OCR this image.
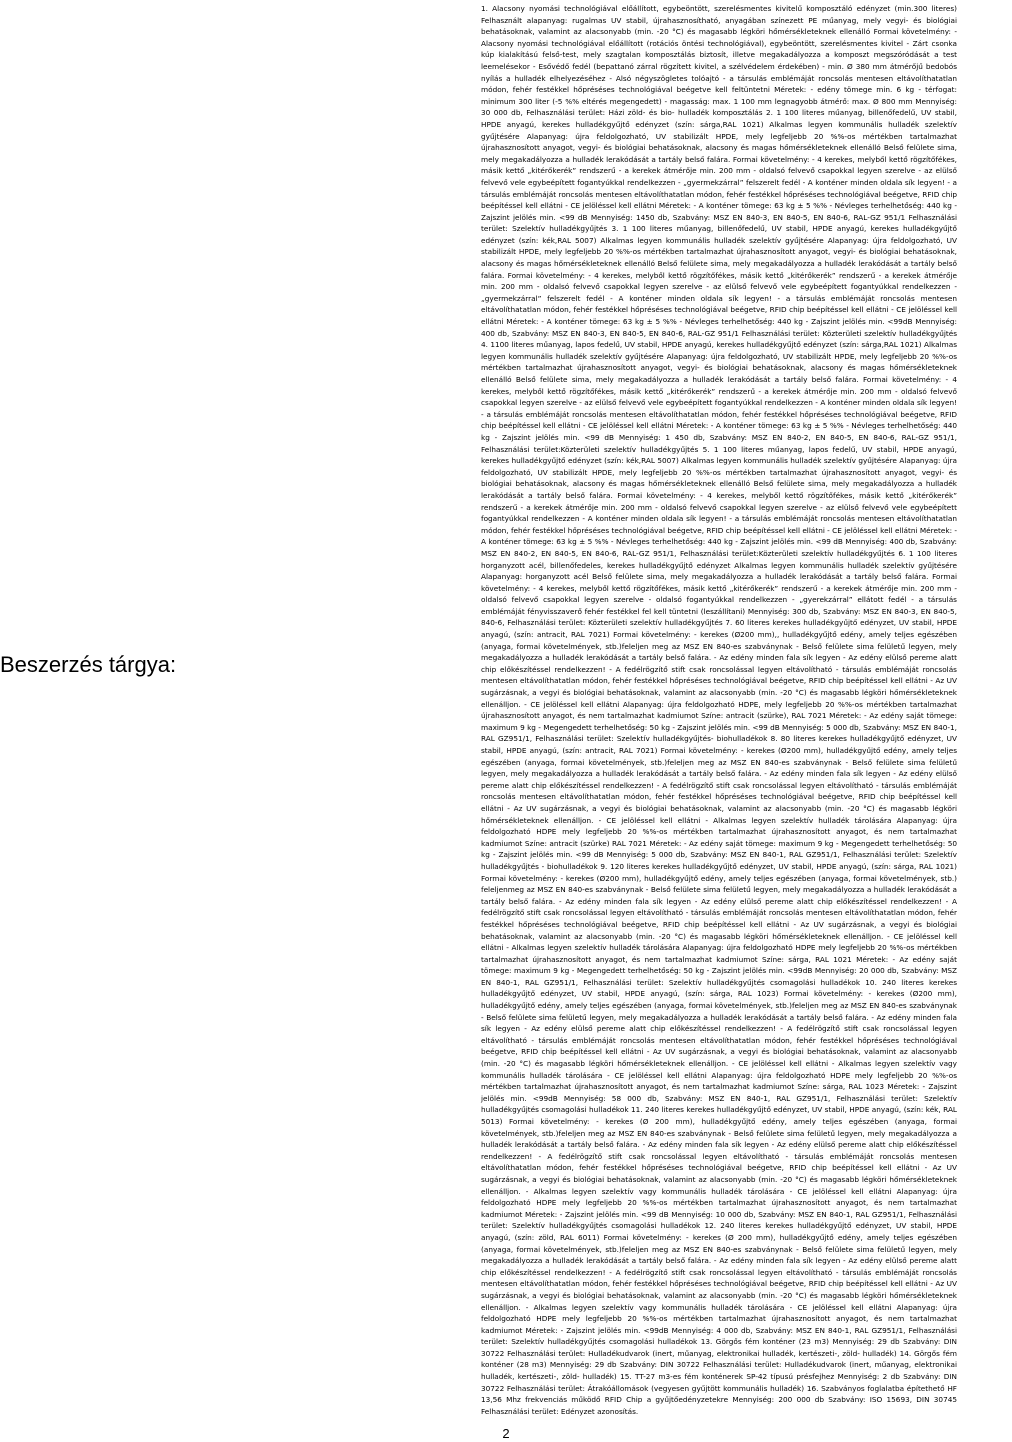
Beszerzés tárgya:

1. Alacsony nyomási technológiával előállított, egybeöntött, szerelésmentes kivitelű komposztáló edényzet (min.300 literes) Felhasznált alapanyag: rugalmas UV stabil, újrahasznosítható, anyagában színezett PE műanyag, mely vegyi- és biológiai behatásoknak, valamint az alacsonyabb (min. -20 °C) és magasabb légköri hőmérsékleteknek ellenálló Formai követelmény: - Alacsony nyomási technológiával előállított (rotációs öntési technológiával), egybeöntött, szerelésmentes kivitel - Zárt csonka kúp kialakítású felső-test, mely szagtalan komposztálás biztosít, illetve megakadályozza a komposzt megszóródását a test leemelésekor - Esővédő fedél (bepattanó zárral rögzített kivitel, a szélvédelem érdekében) - min. Ø 380 mm átmérőjű bedobós nyílás a hulladék elhelyezéséhez - Alsó négyszögletes tolóajtó - a társulás emblémáját roncsolás mentesen eltávolíthatatlan módon, fehér festékkel hőpréséses technológiával beégetve kell feltüntetni Méretek: - edény tömege min. 6 kg - térfogat: minimum 300 liter (-5 %% eltérés megengedett) - magasság: max. 1 100 mm legnagyobb átmérő: max. Ø 800 mm Mennyiség: 30 000 db, Felhasználási terület: Házi zöld- és bio- hulladék komposztálás 2. 1 100 literes műanyag, billenőfedelű, UV stabil, HPDE anyagú, kerekes hulladékgyűjtő edényzet (szín: sárga,RAL 1021) Alkalmas legyen kommunális hulladék szelektív gyűjtésére Alapanyag: újra feldolgozható, UV stabilizált HPDE, mely legfeljebb 20 %%-os mértékben tartalmazhat újrahasznosított anyagot, vegyi- és biológiai behatásoknak, alacsony és magas hőmérsékleteknek ellenálló Belső felülete sima, mely megakadályozza a hulladék lerakódását a tartály belső falára. Formai követelmény: - 4 kerekes, melyből kettő rögzítőfékes, másik kettő „kitérőkerék” rendszerű - a kerekek átmérője min. 200 mm - oldalsó felvevő csapokkal legyen szerelve - az elülső felvevő vele egybeépített fogantyúkkal rendelkezzen - „gyermekzárral” felszerelt fedél - A konténer minden oldala sík legyen! - a társulás emblémáját roncsolás mentesen eltávolíthatatlan módon, fehér festékkel hőpréséses technológiával beégetve, RFID chip beépítéssel kell ellátni - CE jelöléssel kell ellátni Méretek: - A konténer tömege: 63 kg ± 5 %% - Névleges terhelhetőség: 440 kg - Zajszint jelölés min. <99 dB Mennyiség: 1450 db, Szabvány: MSZ EN 840-3, EN 840-5, EN 840-6, RAL-GZ 951/1 Felhasználási terület: Szelektív hulladékgyűjtés 3. 1 100 literes műanyag, billenőfedelű, UV stabil, HPDE anyagú, kerekes hulladékgyűjtő edényzet (szín: kék,RAL 5007) Alkalmas legyen kommunális hulladék szelektív gyűjtésére Alapanyag: újra feldolgozható, UV stabilizált HPDE, mely legfeljebb 20 %%-os mértékben tartalmazhat újrahasznosított anyagot, vegyi- és biológiai behatásoknak, alacsony és magas hőmérsékleteknek ellenálló Belső felülete sima, mely megakadályozza a hulladék lerakódását a tartály belső falára. Formai követelmény: - 4 kerekes, melyből kettő rögzítőfékes, másik kettő „kitérőkerék” rendszerű - a kerekek átmérője min. 200 mm - oldalsó felvevő csapokkal legyen szerelve - az elülső felvevő vele egybeépített fogantyúkkal rendelkezzen - „gyermekzárral” felszerelt fedél - A konténer minden oldala sík legyen! - a társulás emblémáját roncsolás mentesen eltávolíthatatlan módon, fehér festékkel hőpréséses technológiával beégetve, RFID chip beépítéssel kell ellátni - CE jelöléssel kell ellátni Méretek: - A konténer tömege: 63 kg ± 5 %% - Névleges terhelhetőség: 440 kg - Zajszint jelölés min. <99dB Mennyiség: 400 db, Szabvány: MSZ EN 840-3, EN 840-5, EN 840-6, RAL-GZ 951/1 Felhasználási terület: Közterületi szelektív hulladékgyűjtés 4. 1100 literes műanyag, lapos fedelű, UV stabil, HPDE anyagú, kerekes hulladékgyűjtő edényzet (szín: sárga,RAL 1021) Alkalmas legyen kommunális hulladék szelektív gyűjtésére Alapanyag: újra feldolgozható, UV stabilizált HPDE, mely legfeljebb 20 %%-os mértékben tartalmazhat újrahasznosított anyagot, vegyi- és biológiai behatásoknak, alacsony és magas hőmérsékleteknek ellenálló Belső felülete sima, mely megakadályozza a hulladék lerakódását a tartály belső falára. Formai követelmény: - 4 kerekes, melyből kettő rögzítőfékes, másik kettő „kitérőkerék” rendszerű - a kerekek átmérője min. 200 mm - oldalsó felvevő csapokkal legyen szerelve - az elülső felvevő vele egybeépített fogantyúkkal rendelkezzen - A konténer minden oldala sík legyen! - a társulás emblémáját roncsolás mentesen eltávolíthatatlan módon, fehér festékkel hőpréséses technológiával beégetve, RFID chip beépítéssel kell ellátni - CE jelöléssel kell ellátni Méretek: - A konténer tömege: 63 kg ± 5 %% - Névleges terhelhetőség: 440 kg - Zajszint jelölés min. <99 dB Mennyiség: 1 450 db, Szabvány: MSZ EN 840-2, EN 840-5, EN 840-6, RAL-GZ 951/1, Felhasználási terület:Közterületi szelektív hulladékgyűjtés 5. 1 100 literes műanyag, lapos fedelű, UV stabil, HPDE anyagú, kerekes hulladékgyűjtő edényzet (szín: kék,RAL 5007) Alkalmas legyen kommunális hulladék szelektív gyűjtésére Alapanyag: újra feldolgozható, UV stabilizált HPDE, mely legfeljebb 20 %%-os mértékben tartalmazhat újrahasznosított anyagot, vegyi- és biológiai behatásoknak, alacsony és magas hőmérsékleteknek ellenálló Belső felülete sima, mely megakadályozza a hulladék lerakódását a tartály belső falára. Formai követelmény: - 4 kerekes, melyből kettő rögzítőfékes, másik kettő „kitérőkerék” rendszerű - a kerekek átmérője min. 200 mm - oldalsó felvevő csapokkal legyen szerelve - az elülső felvevő vele egybeépített fogantyúkkal rendelkezzen - A konténer minden oldala sík legyen! - a társulás emblémáját roncsolás mentesen eltávolíthatatlan módon, fehér festékkel hőpréséses technológiával beégetve, RFID chip beépítéssel kell ellátni - CE jelöléssel kell ellátni Méretek: - A konténer tömege: 63 kg ± 5 %% - Névleges terhelhetőség: 440 kg - Zajszint jelölés min. <99 dB Mennyiség: 400 db, Szabvány: MSZ EN 840-2, EN 840-5, EN 840-6, RAL-GZ 951/1, Felhasználási terület:Közterületi szelektív hulladékgyűjtés 6. 1 100 literes horganyzott acél, billenőfedeles, kerekes hulladékgyűjtő edényzet Alkalmas legyen kommunális hulladék szelektív gyűjtésére Alapanyag: horganyzott acél Belső felülete sima, mely megakadályozza a hulladék lerakódását a tartály belső falára. Formai követelmény: - 4 kerekes, melyből kettő rögzítőfékes, másik kettő „kitérőkerék” rendszerű - a kerekek átmérője min. 200 mm - oldalsó felvevő csapokkal legyen szerelve - oldalsó fogantyúkkal rendelkezzen - „gyerekzárral” ellátott fedél - a társulás emblémáját fényvisszaverő fehér festékkel fel kell tüntetni (leszállítani) Mennyiség: 300 db, Szabvány: MSZ EN 840-3, EN 840-5, 840-6, Felhasználási terület: Közterületi szelektív hulladékgyűjtés 7. 60 literes kerekes hulladékgyűjtő edényzet, UV stabil, HPDE anyagú, (szín: antracit, RAL 7021) Formai követelmény: - kerekes (Ø200 mm),, hulladékgyűjtő edény, amely teljes egészében (anyaga, formai követelmények, stb.)feleljen meg az MSZ EN 840-es szabványnak - Belső felülete sima felületű legyen, mely megakadályozza a hulladék lerakódását a tartály belső falára. - Az edény minden fala sík legyen - Az edény elülső pereme alatt chip előkészítéssel rendelkezzen! - A fedélrögzítő stift csak roncsolással legyen eltávolítható - társulás emblémáját roncsolás mentesen eltávolíthatatlan módon, fehér festékkel hőpréséses technológiával beégetve, RFID chip beépítéssel kell ellátni - Az UV sugárzásnak, a vegyi és biológiai behatásoknak, valamint az alacsonyabb (min. -20 °C) és magasabb légköri hőmérsékleteknek ellenálljon. - CE jelöléssel kell ellátni Alapanyag: újra feldolgozható HDPE, mely legfeljebb 20 %%-os mértékben tartalmazhat újrahasznosított anyagot, és nem tartalmazhat kadmiumot Színe: antracit (szürke), RAL 7021 Méretek: - Az edény saját tömege: maximum 9 kg - Megengedett terhelhetőség: 50 kg - Zajszint jelölés min. <99 dB Mennyiség: 5 000 db, Szabvány: MSZ EN 840-1, RAL GZ951/1, Felhasználási terület: Szelektív hulladékgyűjtés- biohulladékok 8. 80 literes kerekes hulladékgyűjtő edényzet, UV stabil, HPDE anyagú, (szín: antracit, RAL 7021) Formai követelmény: - kerekes (Ø200 mm), hulladékgyűjtő edény, amely teljes egészében (anyaga, formai követelmények, stb.)feleljen meg az MSZ EN 840-es szabványnak - Belső felülete sima felületű legyen, mely megakadályozza a hulladék lerakódását a tartály belső falára. - Az edény minden fala sík legyen - Az edény elülső pereme alatt chip előkészítéssel rendelkezzen! - A fedélrögzítő stift csak roncsolással legyen eltávolítható - társulás emblémáját roncsolás mentesen eltávolíthatatlan módon, fehér festékkel hőpréséses technológiával beégetve, RFID chip beépítéssel kell ellátni - Az UV sugárzásnak, a vegyi és biológiai behatásoknak, valamint az alacsonyabb (min. -20 °C) és magasabb légköri hőmérsékleteknek ellenálljon. - CE jelöléssel kell ellátni - Alkalmas legyen szelektív hulladék tárolására Alapanyag: újra feldolgozható HDPE mely legfeljebb 20 %%-os mértékben tartalmazhat újrahasznosított anyagot, és nem tartalmazhat kadmiumot Színe: antracit (szürke) RAL 7021 Méretek: - Az edény saját tömege: maximum 9 kg - Megengedett terhelhetőség: 50 kg - Zajszint jelölés min. <99 dB Mennyiség: 5 000 db, Szabvány: MSZ EN 840-1, RAL GZ951/1, Felhasználási terület: Szelektív hulladékgyűjtés - biohulladékok 9. 120 literes kerekes hulladékgyűjtő edényzet, UV stabil, HPDE anyagú, (szín: sárga, RAL 1021) Formai követelmény: - kerekes (Ø200 mm), hulladékgyűjtő edény, amely teljes egészében (anyaga, formai követelmények, stb.) feleljenmeg az MSZ EN 840-es szabványnak - Belső felülete sima felületű legyen, mely megakadályozza a hulladék lerakódását a tartály belső falára. - Az edény minden fala sík legyen - Az edény elülső pereme alatt chip előkészítéssel rendelkezzen! - A fedélrögzítő stift csak roncsolással legyen eltávolítható - társulás emblémáját roncsolás mentesen eltávolíthatatlan módon, fehér festékkel hőpréséses technológiával beégetve, RFID chip beépítéssel kell ellátni - Az UV sugárzásnak, a vegyi és biológiai behatásoknak, valamint az alacsonyabb (min. -20 °C) és magasabb légköri hőmérsékleteknek ellenálljon. - CE jelöléssel kell ellátni - Alkalmas legyen szelektív hulladék tárolására Alapanyag: újra feldolgozható HDPE mely legfeljebb 20 %%-os mértékben tartalmazhat újrahasznosított anyagot, és nem tartalmazhat kadmiumot Színe: sárga, RAL 1021 Méretek: - Az edény saját tömege: maximum 9 kg - Megengedett terhelhetőség: 50 kg - Zajszint jelölés min. <99dB Mennyiség: 20 000 db, Szabvány: MSZ EN 840-1, RAL GZ951/1, Felhasználási terület: Szelektív hulladékgyűjtés csomagolási hulladékok 10. 240 literes kerekes hulladékgyűjtő edényzet, UV stabil, HPDE anyagú, (szín: sárga, RAL 1023) Formai követelmény: - kerekes (Ø200 mm), hulladékgyűjtő edény, amely teljes egészében (anyaga, formai követelmények, stb.)feleljen meg az MSZ EN 840-es szabványnak - Belső felülete sima felületű legyen, mely megakadályozza a hulladék lerakódását a tartály belső falára. - Az edény minden fala sík legyen - Az edény elülső pereme alatt chip előkészítéssel rendelkezzen! - A fedélrögzítő stift csak roncsolással legyen eltávolítható - társulás emblémáját roncsolás mentesen eltávolíthatatlan módon, fehér festékkel hőpréséses technológiával beégetve, RFID chip beépítéssel kell ellátni - Az UV sugárzásnak, a vegyi és biológiai behatásoknak, valamint az alacsonyabb (min. -20 °C) és magasabb légköri hőmérsékleteknek ellenálljon. - CE jelöléssel kell ellátni - Alkalmas legyen szelektív vagy kommunális hulladék tárolására - CE jelöléssel kell ellátni Alapanyag: újra feldolgozható HDPE mely legfeljebb 20 %%-os mértékben tartalmazhat újrahasznosított anyagot, és nem tartalmazhat kadmiumot Színe: sárga, RAL 1023 Méretek: - Zajszint jelölés min. <99dB Mennyiség: 58 000 db, Szabvány: MSZ EN 840-1, RAL GZ951/1, Felhasználási terület: Szelektív hulladékgyűjtés csomagolási hulladékok 11. 240 literes kerekes hulladékgyűjtő edényzet, UV stabil, HPDE anyagú, (szín: kék, RAL 5013) Formai követelmény: - kerekes (Ø 200 mm), hulladékgyűjtő edény, amely teljes egészében (anyaga, formai követelmények, stb.)feleljen meg az MSZ EN 840-es szabványnak - Belső felülete sima felületű legyen, mely megakadályozza a hulladék lerakódását a tartály belső falára. - Az edény minden fala sík legyen - Az edény elülső pereme alatt chip előkészítéssel rendelkezzen! - A fedélrögzítő stift csak roncsolással legyen eltávolítható - társulás emblémáját roncsolás mentesen eltávolíthatatlan módon, fehér festékkel hőpréséses technológiával beégetve, RFID chip beépítéssel kell ellátni - Az UV sugárzásnak, a vegyi és biológiai behatásoknak, valamint az alacsonyabb (min. -20 °C) és magasabb légköri hőmérsékleteknek ellenálljon. - Alkalmas legyen szelektív vagy kommunális hulladék tárolására - CE jelöléssel kell ellátni Alapanyag: újra feldolgozható HDPE mely legfeljebb 20 %%-os mértékben tartalmazhat újrahasznosított anyagot, és nem tartalmazhat kadmiumot Méretek: - Zajszint jelölés min. <99 dB Mennyiség: 10 000 db, Szabvány: MSZ EN 840-1, RAL GZ951/1, Felhasználási terület: Szelektív hulladékgyűjtés csomagolási hulladékok 12. 240 literes kerekes hulladékgyűjtő edényzet, UV stabil, HPDE anyagú, (szín: zöld, RAL 6011) Formai követelmény: - kerekes (Ø 200 mm), hulladékgyűjtő edény, amely teljes egészében (anyaga, formai követelmények, stb.)feleljen meg az MSZ EN 840-es szabványnak - Belső felülete sima felületű legyen, mely megakadályozza a hulladék lerakódását a tartály belső falára. - Az edény minden fala sík legyen - Az edény elülső pereme alatt chip előkészítéssel rendelkezzen! - A fedélrögzítő stift csak roncsolással legyen eltávolítható - társulás emblémáját roncsolás mentesen eltávolíthatatlan módon, fehér festékkel hőpréséses technológiával beégetve, RFID chip beépítéssel kell ellátni - Az UV sugárzásnak, a vegyi és biológiai behatásoknak, valamint az alacsonyabb (min. -20 °C) és magasabb légköri hőmérsékleteknek ellenálljon. - Alkalmas legyen szelektív vagy kommunális hulladék tárolására - CE jelöléssel kell ellátni Alapanyag: újra feldolgozható HDPE mely legfeljebb 20 %%-os mértékben tartalmazhat újrahasznosított anyagot, és nem tartalmazhat kadmiumot Méretek: - Zajszint jelölés min. <99dB Mennyiség: 4 000 db, Szabvány: MSZ EN 840-1, RAL GZ951/1, Felhasználási terület: Szelektív hulladékgyűjtés csomagolási hulladékok 13. Görgős fém konténer (23 m3) Mennyiség: 29 db Szabvány: DIN 30722 Felhasználási terület: Hulladékudvarok (inert, műanyag, elektronikai hulladék, kertészeti-, zöld- hulladék) 14. Görgős fém konténer (28 m3) Mennyiség: 29 db Szabvány: DIN 30722 Felhasználási terület: Hulladékudvarok (inert, műanyag, elektronikai hulladék, kertészeti-, zöld- hulladék) 15. TT-27 m3-es fém konténerek SP-42 típusú présfejhez Mennyiség: 2 db Szabvány: DIN 30722 Felhasználási terület: Átrakóállomások (vegyesen gyűjtött kommunális hulladék) 16. Szabványos foglalatba építethető HF 13,56 Mhz frekvenciás működő RFID Chip a gyűjtőedényzetekre Mennyiség: 200 000 db Szabvány: ISO 15693, DIN 30745 Felhasználási terület: Edényzet azonosítás.

2
